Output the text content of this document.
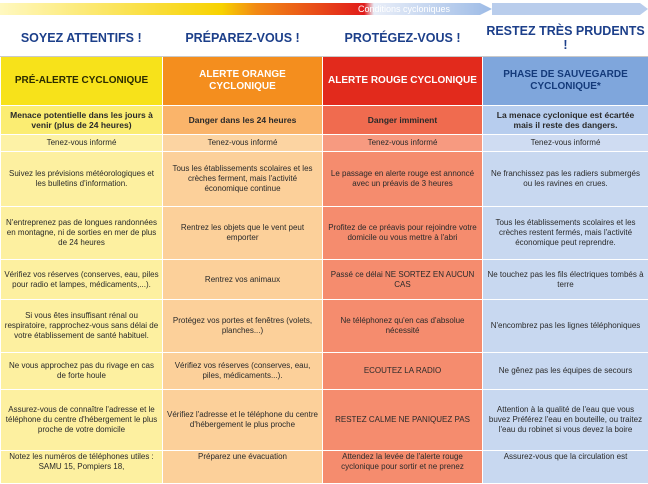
Conditions cycloniques
SOYEZ ATTENTIFS !	PRÉPAREZ-VOUS !	PROTÉGEZ-VOUS !	RESTEZ TRÈS PRUDENTS !
PRÉ-ALERTE CYCLONIQUE	ALERTE ORANGE CYCLONIQUE	ALERTE ROUGE CYCLONIQUE	PHASE DE SAUVEGARDE CYCLONIQUE*
Menace potentielle dans les jours à venir (plus de 24 heures)	Danger dans les 24 heures	Danger imminent	La menace cyclonique est écartée mais il reste des dangers.
Tenez-vous informé	Tenez-vous informé	Tenez-vous informé	Tenez-vous informé
Suivez les prévisions météorologiques et les bulletins d'information.	Tous les établissements scolaires et les crèches ferment, mais l'activité économique continue	Le passage en alerte rouge est annoncé avec un préavis de 3 heures	Ne franchissez pas les radiers submergés ou les ravines en crues.
N'entreprenez pas de longues randonnées en montagne, ni de sorties en mer de plus de 24 heures	Rentrez les objets que le vent peut emporter	Profitez de ce préavis pour rejoindre votre domicile ou vous mettre à l'abri	Tous les établissements scolaires et les crèches restent fermés, mais l'activité économique peut reprendre.
Vérifiez vos réserves (conserves, eau, piles pour radio et lampes, médicaments,...).	Rentrez vos animaux	Passé ce délai NE SORTEZ EN AUCUN CAS	Ne touchez pas les fils électriques tombés à terre
Si vous êtes insuffisant rénal ou respiratoire, rapprochez-vous sans délai de votre établissement de santé habituel.	Protégez vos portes et fenêtres (volets, planches...)	Ne téléphonez qu'en cas d'absolue nécessité	N'encombrez pas les lignes téléphoniques
Ne vous approchez pas du rivage en cas de forte houle	Vérifiez vos réserves (conserves, eau, piles, médicaments...).	ECOUTEZ LA RADIO	Ne gênez pas les équipes de secours
Assurez-vous de connaître l'adresse et le téléphone du centre d'hébergement le plus proche de votre domicile	Vérifiez l'adresse et le téléphone du centre d'hébergement le plus proche	RESTEZ CALME NE PANIQUEZ PAS	Attention à la qualité de l'eau que vous buvez Préférez l'eau en bouteille, ou traitez l'eau du robinet si vous devez la boire
Notez les numéros de téléphones utiles : SAMU 15, Pompiers 18,	Préparez une évacuation	Attendez la levée de l'alerte rouge cyclonique pour sortir et ne prenez	Assurez-vous que la circulation est
